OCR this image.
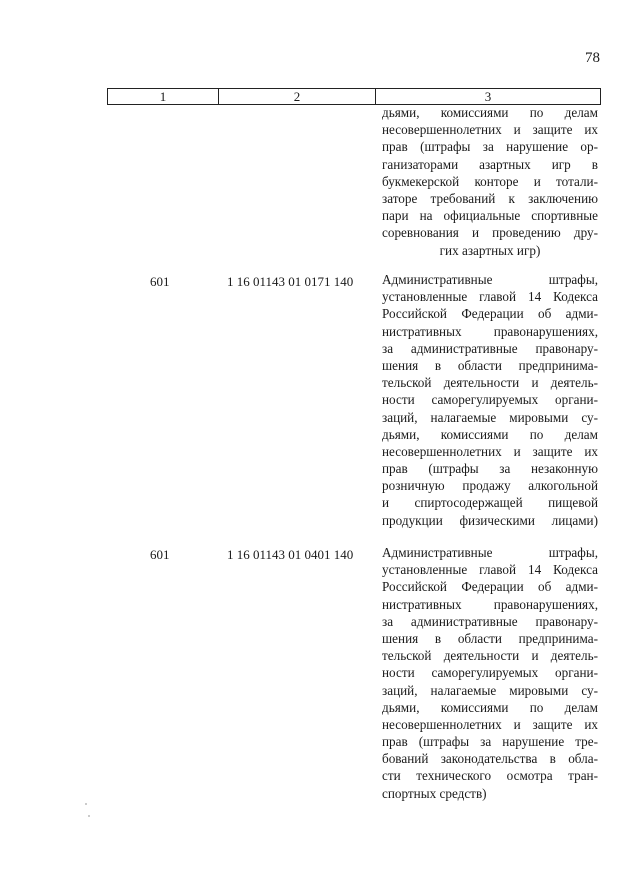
78
1	2	3
дьями, комиссиями по делам
несовершеннолетних и защите их
прав (штрафы за нарушение ор-
ганизаторами азартных игр в
букмекерской конторе и тотали-
заторе требований к заключению
пари на официальные спортивные
соревнования и проведению дру-
гих азартных игр)
601	1 16 01143 01 0171 140	Административные штрафы,
установленные главой 14 Кодекса
Российской Федерации об адми-
нистративных правонарушениях,
за административные правонару-
шения в области предпринима-
тельской деятельности и деятель-
ности саморегулируемых органи-
заций, налагаемые мировыми су-
дьями, комиссиями по делам
несовершеннолетних и защите их
прав (штрафы за незаконную
розничную продажу алкогольной
и спиртосодержащей пищевой
продукции физическими лицами)
601	1 16 01143 01 0401 140	Административные штрафы,
установленные главой 14 Кодекса
Российской Федерации об адми-
нистративных правонарушениях,
за административные правонару-
шения в области предпринима-
тельской деятельности и деятель-
ности саморегулируемых органи-
заций, налагаемые мировыми су-
дьями, комиссиями по делам
несовершеннолетних и защите их
прав (штрафы за нарушение тре-
бований законодательства в обла-
сти технического осмотра тран-
спортных средств)
